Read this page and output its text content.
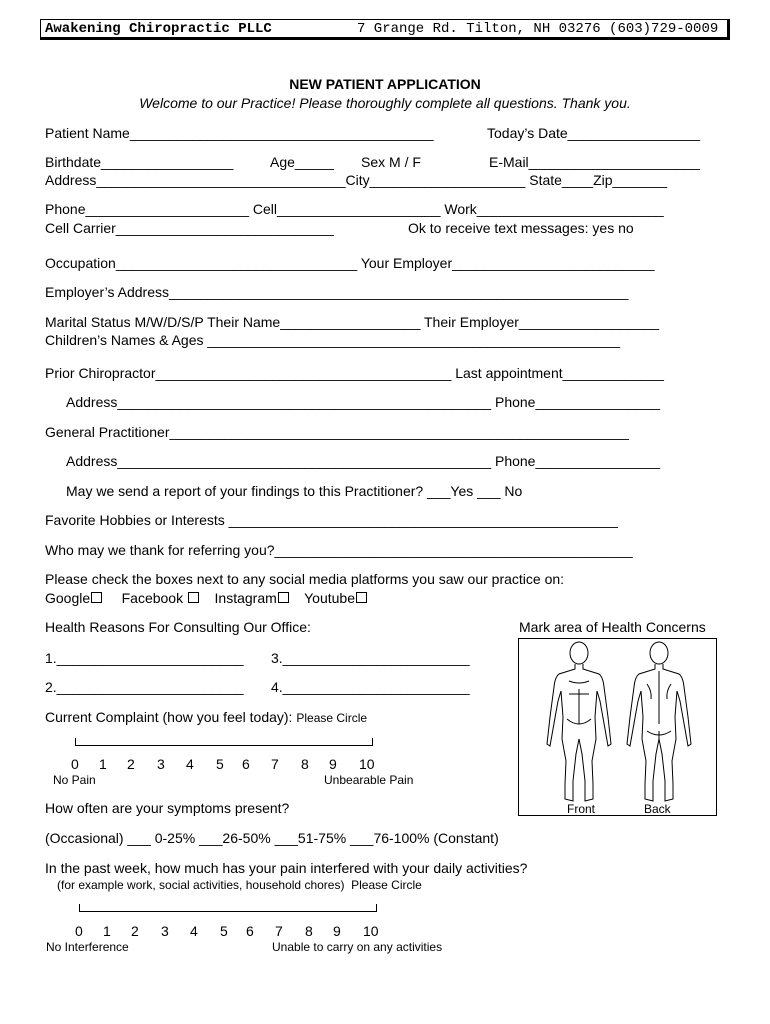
Awakening Chiropractic PLLC	7 Grange Rd. Tilton, NH 03276 (603)729-0009
NEW PATIENT APPLICATION
Welcome to our Practice! Please thoroughly complete all questions. Thank you.
Patient Name_______________________________________	Today’s Date_________________
Birthdate_________________	Age_____ Sex M / F	E-Mail______________________
Address________________________________City____________________ State____Zip_______
Phone_____________________ Cell_____________________ Work________________________
Cell Carrier____________________________	Ok to receive text messages: yes no
Occupation_______________________________ Your Employer__________________________
Employer’s Address___________________________________________________________
Marital Status M/W/D/S/P Their Name__________________ Their Employer__________________
Children’s Names & Ages _____________________________________________________
Prior Chiropractor______________________________________ Last appointment_____________
Address________________________________________________ Phone________________
General Practitioner___________________________________________________________
Address________________________________________________ Phone________________
May we send a report of your findings to this Practitioner? ___Yes ___ No
Favorite Hobbies or Interests __________________________________________________
Who may we thank for referring you?______________________________________________
Please check the boxes next to any social media platforms you saw our practice on:
Google Facebook Instagram Youtube
Health Reasons For Consulting Our Office:	Mark area of Health Concerns
1.________________________ 3.________________________
2.________________________ 4.________________________
Front	Back
Current Complaint (how you feel today): Please Circle
0 1 2 3 4 5 6 7 8 9 10
No Pain	Unbearable Pain
How often are your symptoms present?
(Occasional) ___ 0-25% ___26-50% ___51-75% ___76-100% (Constant)
In the past week, how much has your pain interfered with your daily activities?
(for example work, social activities, household chores) Please Circle
0 1 2 3 4 5 6 7 8 9 10
No Interference	Unable to carry on any activities
